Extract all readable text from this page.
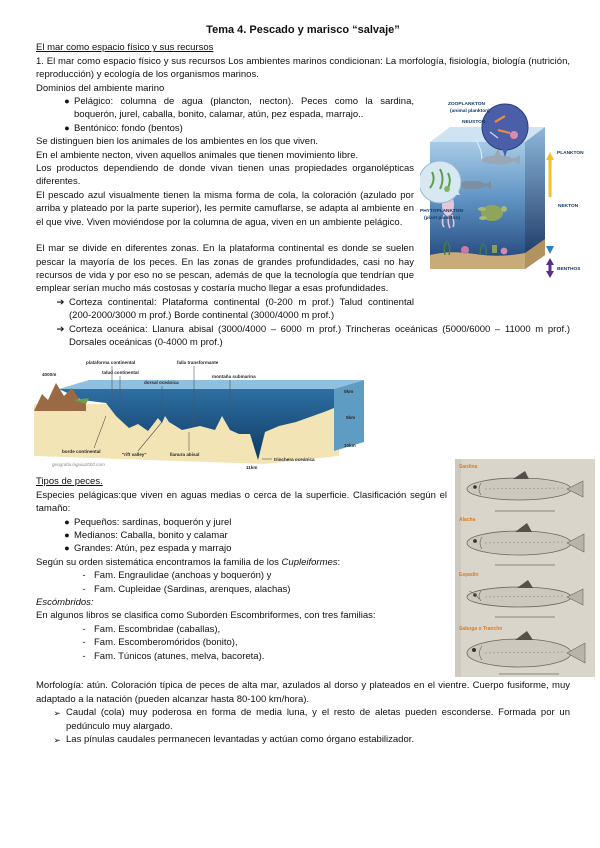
Tema 4. Pescado y marisco “salvaje”

El mar como espacio físico y sus recursos

1. El mar como espacio físico y sus recursos Los ambientes marinos condicionan: La morfología, fisiología, biología (nutrición, reproducción) y ecología de los organismos marinos.

Dominios del ambiente marino

ZOOPLANKTON
(animal plankton)
NEUSTON
PHYTOPLANKTON
(plant plankton)
PLANKTON
NEKTON
BENTHOS
● Pelágico: columna de agua (plancton, necton). Peces como la sardina, boquerón, jurel, caballa, bonito, calamar, atún, pez espada, marrajo..
● Bentónico: fondo (bentos)

Se distinguen bien los animales de los ambientes en los que viven.

En el ambiente necton, viven aquellos animales que tienen movimiento libre.

Los productos dependiendo de donde vivan tienen unas propiedades organolépticas diferentes.

El pescado azul visualmente tienen la misma forma de cola, la coloración (azulado por arriba y plateado por la parte superior), les permite camuflarse, se adapta al ambiente en el que vive. Viven moviéndose por la columna de agua, viven en un ambiente pelágico.

El mar se divide en diferentes zonas. En la plataforma continental es donde se suelen pescar la mayoría de los peces. En las zonas de grandes profundidades, casi no hay recursos de vida y por eso no se pescan, además de que la tecnología que tendrían que emplear serían mucho más costosas y costaría mucho llegar a esas profundidades.

➔ Corteza continental: Plataforma continental (0-200 m prof.) Talud continental (200-2000/3000 m prof.) Borde continental (3000/4000 m prof.)
➔ Corteza oceánica: Llanura abisal (3000/4000 – 6000 m prof.) Trincheras oceánicas (5000/6000 – 11000 m prof.) Dorsales oceánicas (0-4000 m prof.)
plataforma continental	falla transformante
talud continental
dorsal oceánica
montaña submarina
4000m
borde continental
"rift valley"	llanura abisal
trinchera oceánica
11km
0km
5km
10km
geografia.laguia2000.com	Sardina
Alacha
Espadín
Saboga o Trancho

Tipos de peces.

Especies pelágicas:que viven en aguas medias o cerca de la superficie. Clasificación según el tamaño:

● Pequeños: sardinas, boquerón y jurel
● Medianos: Caballa, bonito y calamar
● Grandes: Atún, pez espada y marrajo

Según su orden sistemática encontramos la familia de los Cupleiformes:

- Fam. Engraulidae (anchoas y boquerón) y
- Fam. Cupleidae (Sardinas, arenques, alachas)

Escómbridos:

En algunos libros se clasifica como Suborden Escombriformes, con tres familias:

- Fam. Escombridae (caballas),
- Fam. Escomberomóridos (bonito),
- Fam. Túnicos (atunes, melva, bacoreta).

Morfología: atún. Coloración típica de peces de alta mar, azulados al dorso y plateados en el vientre. Cuerpo fusiforme, muy adaptado a la natación (pueden alcanzar hasta 80-100 km/hora).

➢ Caudal (cola) muy poderosa en forma de media luna, y el resto de aletas pueden esconderse. Formada por un pedúnculo muy alargado.
➢ Las pínulas caudales permanecen levantadas y actúan como órgano estabilizador.
